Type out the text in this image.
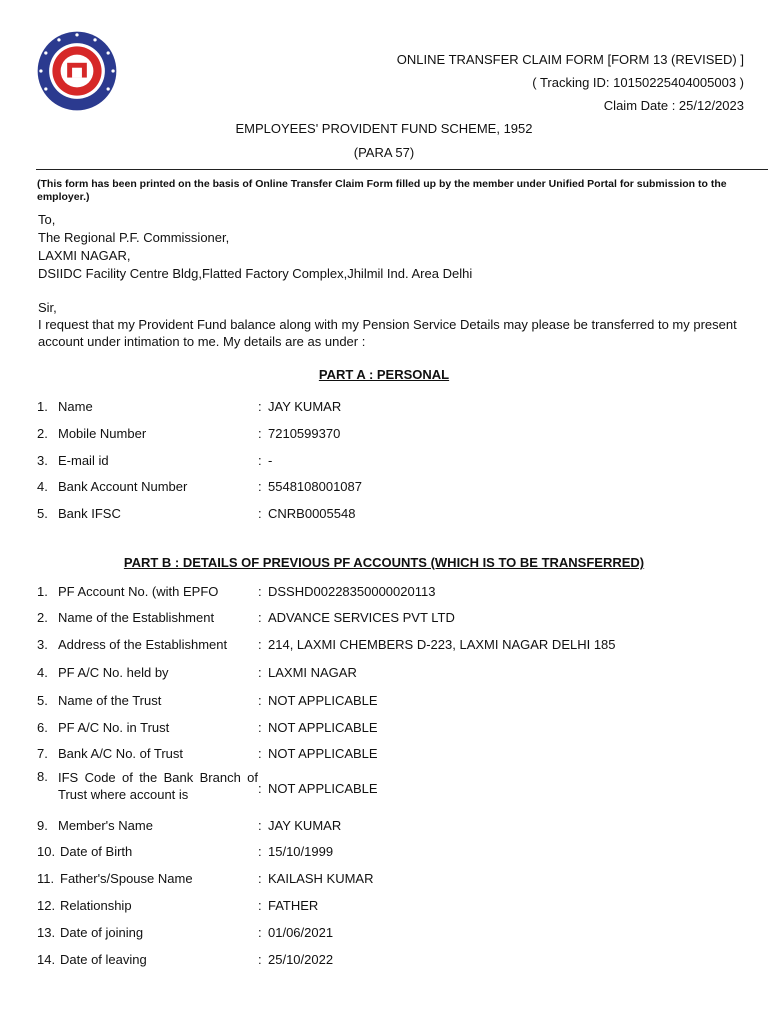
ONLINE TRANSFER CLAIM FORM [FORM 13 (REVISED) ]
( Tracking ID: 10150225404005003 )
Claim Date : 25/12/2023
EMPLOYEES' PROVIDENT FUND SCHEME, 1952
(PARA 57)
(This form has been printed on the basis of Online Transfer Claim Form filled up by the member under Unified Portal for submission to the employer.)
To,
The Regional P.F. Commissioner,
LAXMI NAGAR,
DSIIDC Facility Centre Bldg,Flatted Factory Complex,Jhilmil Ind. Area Delhi
Sir,
I request that my Provident Fund balance along with my Pension Service Details may please be transferred to my present account under intimation to me. My details are as under :
PART A : PERSONAL
1. Name	: JAY KUMAR
2. Mobile Number	: 7210599370
3. E-mail id	: -
4. Bank Account Number	: 5548108001087
5. Bank IFSC	: CNRB0005548
PART B : DETAILS OF PREVIOUS PF ACCOUNTS (WHICH IS TO BE TRANSFERRED)
1. PF Account No. (with EPFO	: DSSHD00228350000020113
2. Name of the Establishment	: ADVANCE SERVICES PVT LTD
3. Address of the Establishment : 214, LAXMI CHEMBERS D-223, LAXMI NAGAR DELHI 185
4. PF A/C No. held by	: LAXMI NAGAR
5. Name of the Trust	: NOT APPLICABLE
6. PF A/C No. in Trust	: NOT APPLICABLE
7. Bank A/C No. of Trust	: NOT APPLICABLE
8. IFS Code of the Bank Branch of Trust where account is	: NOT APPLICABLE
9. Member's Name	: JAY KUMAR
10. Date of Birth	: 15/10/1999
11. Father's/Spouse Name	: KAILASH KUMAR
12. Relationship	: FATHER
13. Date of joining	: 01/06/2021
14. Date of leaving	: 25/10/2022
